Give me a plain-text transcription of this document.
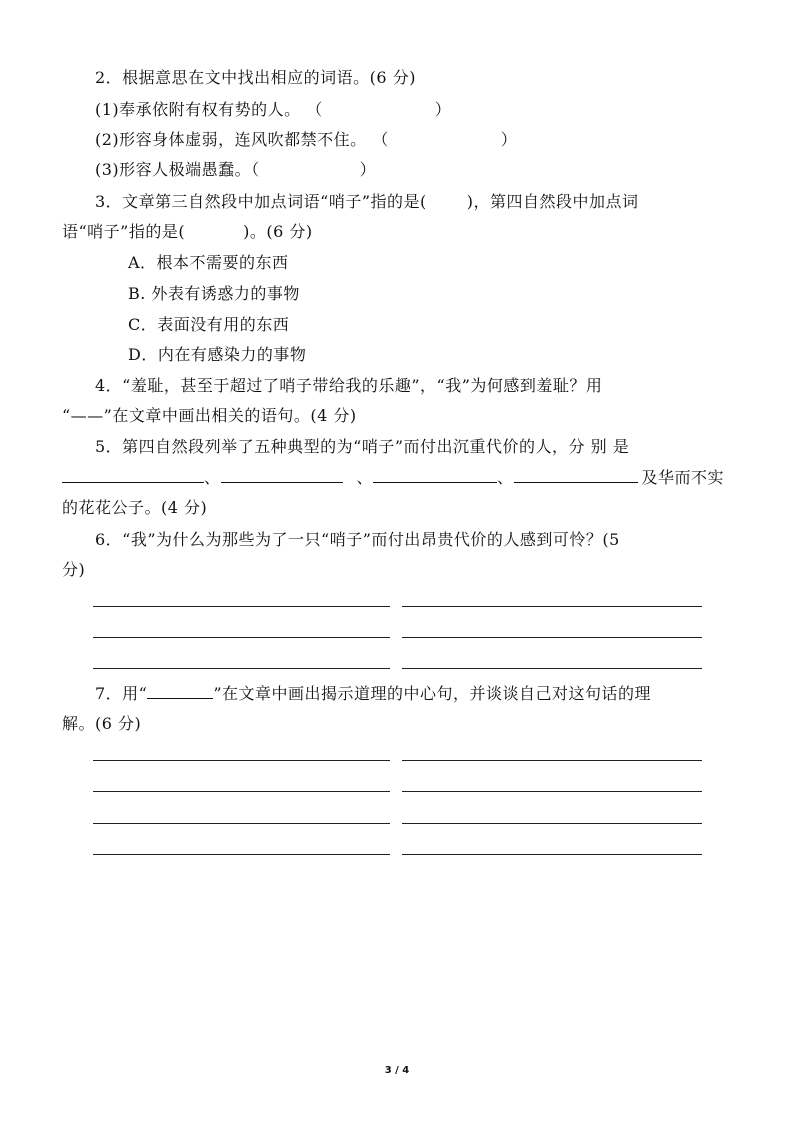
2．根据意思在文中找出相应的词语。(6 分)
(1)奉承依附有权有势的人。 （	）
(2)形容身体虚弱，连风吹都禁不住。 （	）
(3)形容人极端愚蠢。（	）
3．文章第三自然段中加点词语“哨子”指的是(	)，第四自然段中加点词
语“哨子”指的是(	)。(6 分)
A．根本不需要的东西
B. 外表有诱惑力的事物
C．表面没有用的东西
D．内在有感染力的事物
4．“羞耻，甚至于超过了哨子带给我的乐趣”，“我”为何感到羞耻？用
“——”在文章中画出相关的语句。(4 分)
5．第四自然段列举了五种典型的为“哨子”而付出沉重代价的人，分 别 是
、	、	、	及华而不实
的花花公子。(4 分)
6．“我”为什么为那些为了一只“哨子”而付出昂贵代价的人感到可怜？(5
分)
7．用“	”在文章中画出揭示道理的中心句，并谈谈自己对这句话的理
解。(6 分)
3 / 4
